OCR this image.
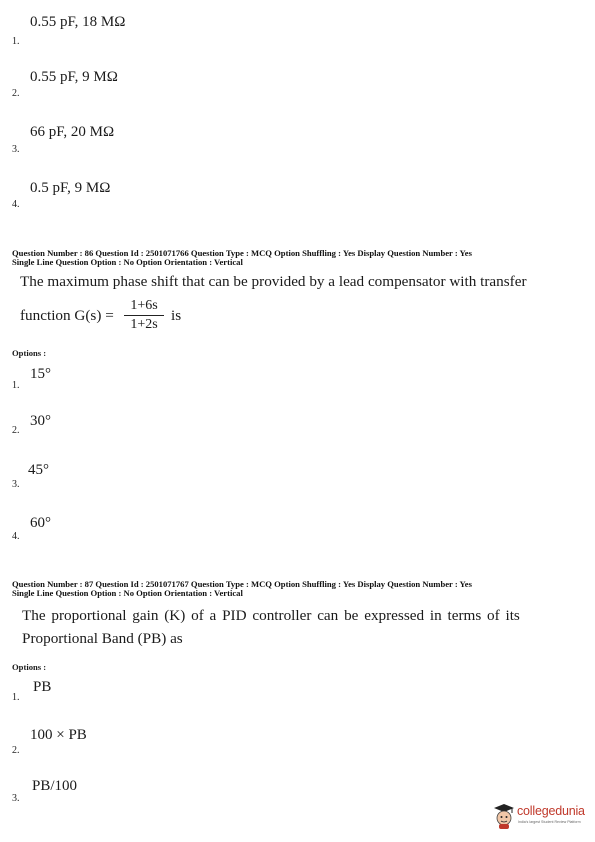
0.55 pF, 18 MΩ
1.
0.55 pF, 9 MΩ
2.
66 pF, 20 MΩ
3.
0.5 pF, 9 MΩ
4.
Question Number : 86 Question Id : 2501071766 Question Type : MCQ Option Shuffling : Yes Display Question Number : Yes
Single Line Question Option : No Option Orientation : Vertical
The maximum phase shift that can be provided by a lead compensator with transfer
function G(s) =
1+6s
1+2s
is
Options :
15°
1.
30°
2.
45°
3.
60°
4.
Question Number : 87 Question Id : 2501071767 Question Type : MCQ Option Shuffling : Yes Display Question Number : Yes
Single Line Question Option : No Option Orientation : Vertical
The proportional gain (K) of a PID controller can be expressed in terms of its
Proportional Band (PB) as
Options :
PB
1.
100 × PB
2.
PB/100
3.
collegedunia
India's largest Student Review Platform
